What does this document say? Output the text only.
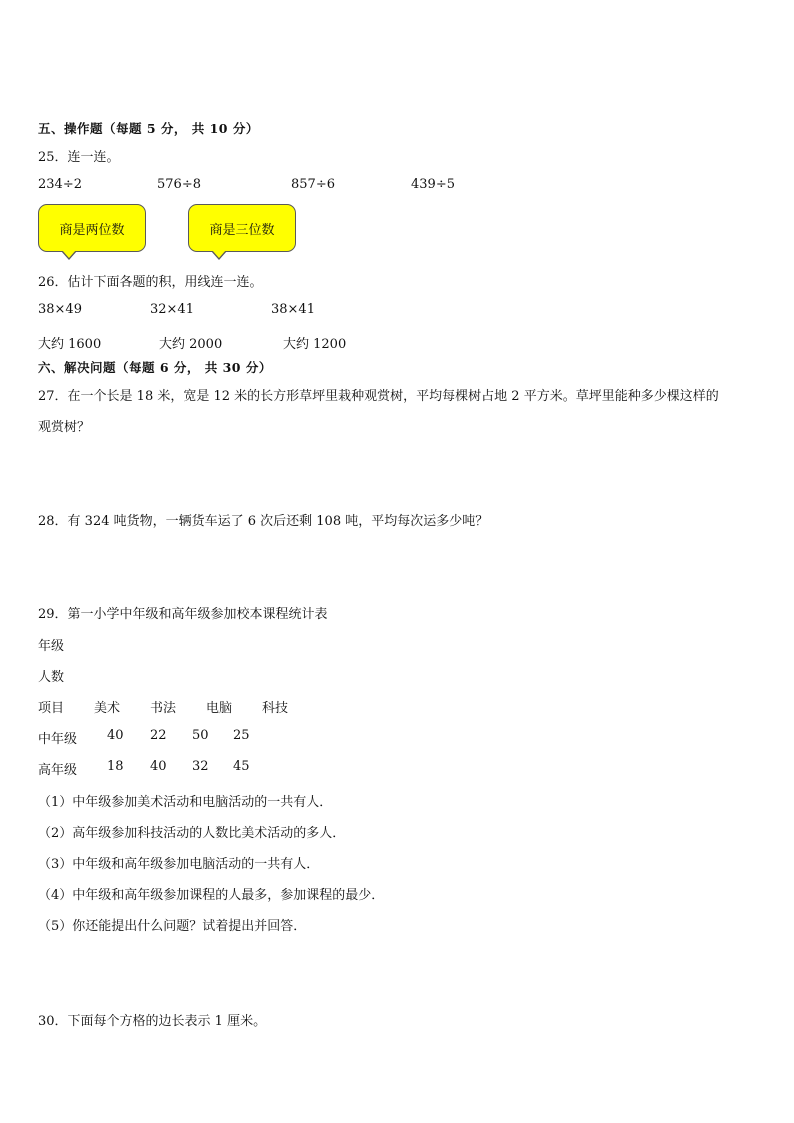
五、操作题（每题 5 分， 共 10 分）
25．连一连。
234÷2	576÷8	857÷6	439÷5
商是两位数	商是三位数
26．估计下面各题的积，用线连一连。
38×49	32×41	38×41
大约 1600	大约 2000	大约 1200
六、解决问题（每题 6 分， 共 30 分）
27．在一个长是 18 米，宽是 12 米的长方形草坪里栽种观赏树，平均每棵树占地 2 平方米。草坪里能种多少棵这样的
观赏树？
28．有 324 吨货物，一辆货车运了 6 次后还剩 108 吨，平均每次运多少吨？
29．第一小学中年级和高年级参加校本课程统计表
年级
人数
项目 美术 书法 电脑 科技
中年级 40 22 50 25
高年级 18 40 32 45
（1）中年级参加美术活动和电脑活动的一共有人．
（2）高年级参加科技活动的人数比美术活动的多人．
（3）中年级和高年级参加电脑活动的一共有人．
（4）中年级和高年级参加课程的人最多，参加课程的最少．
（5）你还能提出什么问题？试着提出并回答．
30．下面每个方格的边长表示 1 厘米。
